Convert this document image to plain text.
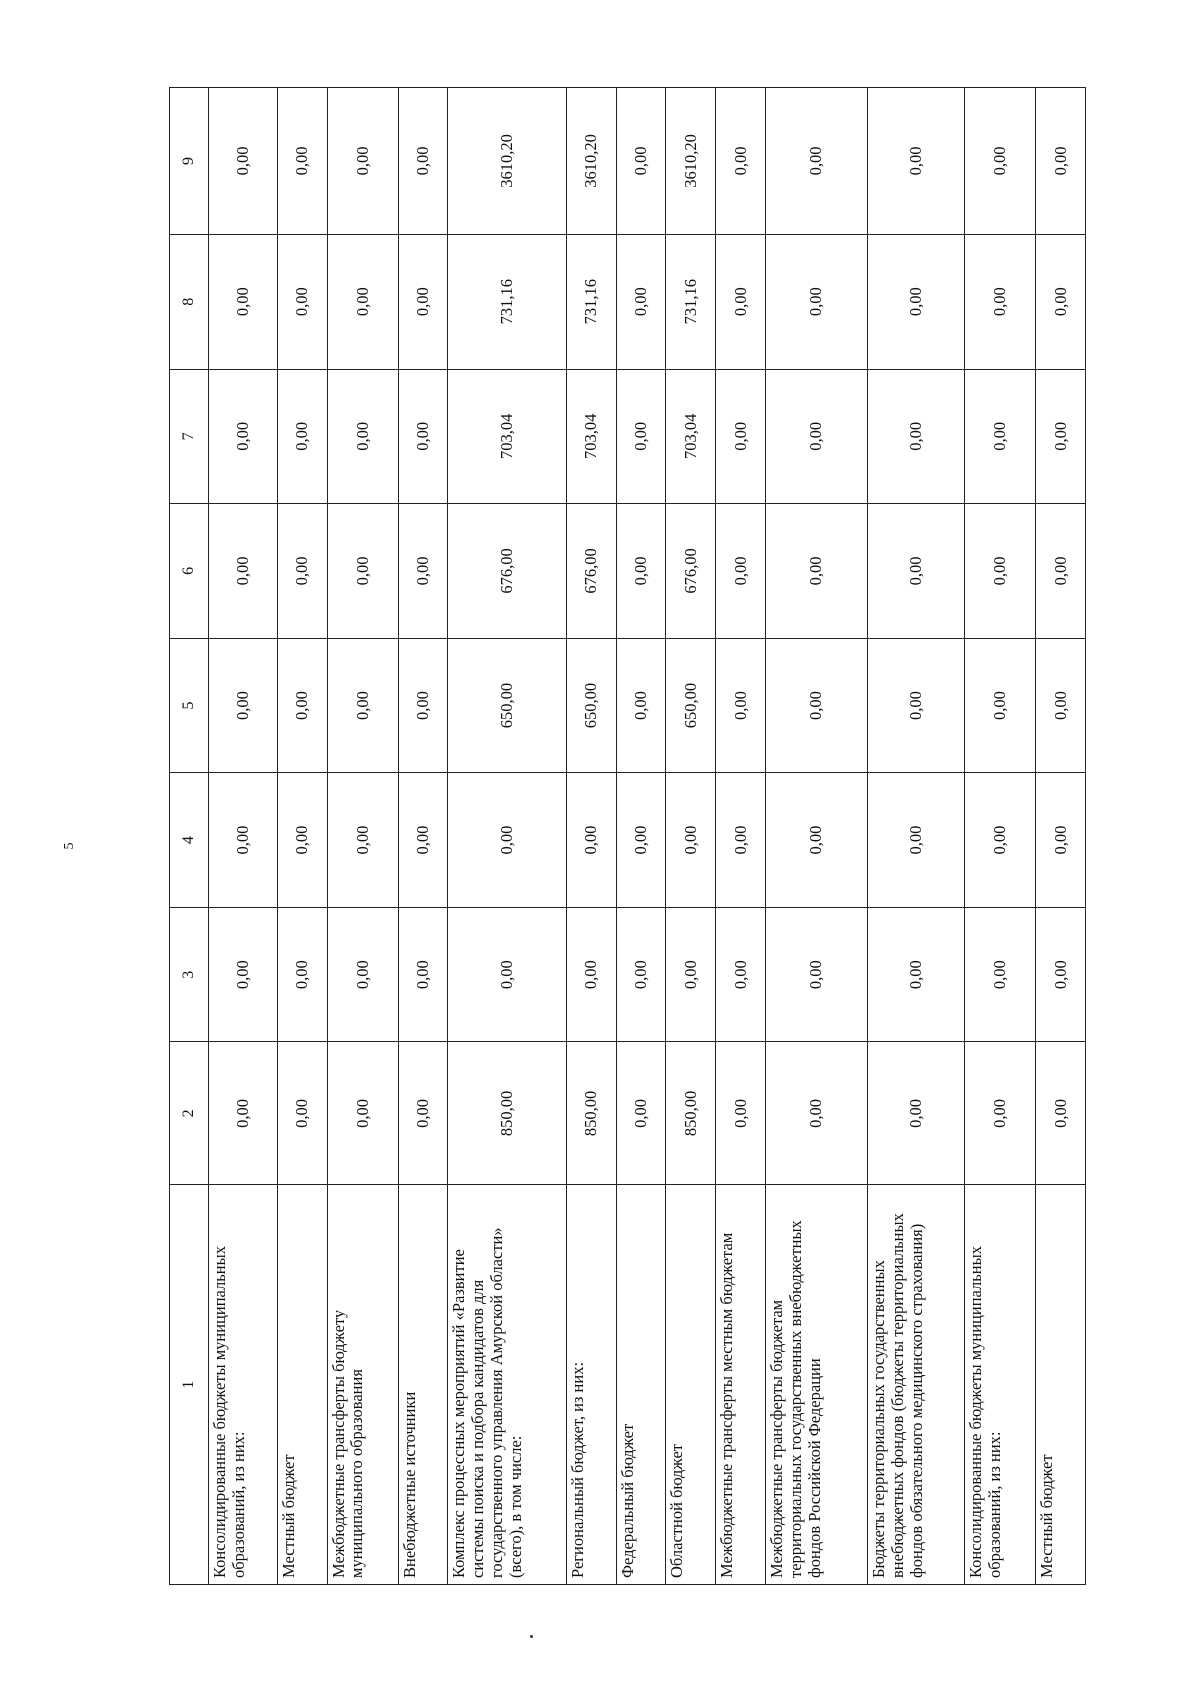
5
1	2	3	4	5	6	7	8	9
Консолидированные бюджеты муниципальных образований, из них:	0,00	0,00	0,00	0,00	0,00	0,00	0,00	0,00
Местный бюджет	0,00	0,00	0,00	0,00	0,00	0,00	0,00	0,00
Межбюджетные трансферты бюджету муниципального образования	0,00	0,00	0,00	0,00	0,00	0,00	0,00	0,00
Внебюджетные источники	0,00	0,00	0,00	0,00	0,00	0,00	0,00	0,00
Комплекс процессных мероприятий «Развитие системы поиска и подбора кандидатов для государственного управления Амурской области» (всего), в том числе:	850,00	0,00	0,00	650,00	676,00	703,04	731,16	3610,20
Региональный бюджет, из них:	850,00	0,00	0,00	650,00	676,00	703,04	731,16	3610,20
Федеральный бюджет	0,00	0,00	0,00	0,00	0,00	0,00	0,00	0,00
Областной бюджет	850,00	0,00	0,00	650,00	676,00	703,04	731,16	3610,20
Межбюджетные трансферты местным бюджетам	0,00	0,00	0,00	0,00	0,00	0,00	0,00	0,00
Межбюджетные трансферты бюджетам территориальных государственных внебюджетных фондов Российской Федерации	0,00	0,00	0,00	0,00	0,00	0,00	0,00	0,00
Бюджеты территориальных государственных внебюджетных фондов (бюджеты территориальных фондов обязательного медицинского страхования)	0,00	0,00	0,00	0,00	0,00	0,00	0,00	0,00
Консолидированные бюджеты муниципальных образований, из них:	0,00	0,00	0,00	0,00	0,00	0,00	0,00	0,00
Местный бюджет	0,00	0,00	0,00	0,00	0,00	0,00	0,00	0,00
